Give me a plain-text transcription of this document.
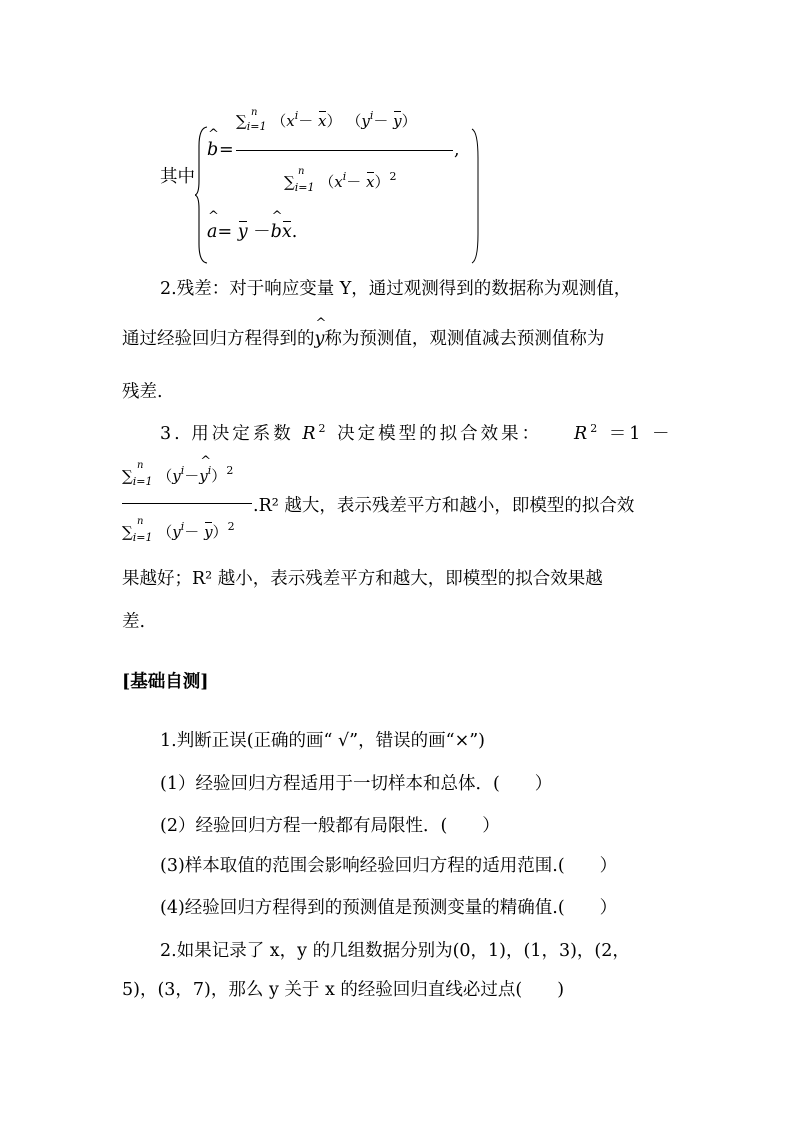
其中
^ b =
$\sum_{i=1}$ $(x^i- x)$ $(y^i- y)$
n
,
$\sum_{i=1}$ $(x^i- x)^2$
n
^ a= y －^ bx.
2.残差：对于响应变量 Y，通过观测得到的数据称为观测值，
通过经验回归方程得到的^ y称为预测值，观测值减去预测值称为
残差.
3. 用决定系数 $R^2$ 决定模型的拟合效果： $R^2 =1$ －
$\sum_{i=1}$ （$y^i-\^{}$ $y^i)^2$
n
.R² 越大，表示残差平方和越小，即模型的拟合效
$\sum_{i=1}$ $(y^i- y)^2$
n
果越好；R² 越小，表示残差平方和越大，即模型的拟合效果越
差.
[基础自测]
1.判断正误(正确的画“ √”，错误的画“×”)
(1）经验回归方程适用于一切样本和总体．(　　）
(2）经验回归方程一般都有局限性．(　　）
(3)样本取值的范围会影响经验回归方程的适用范围.(　　）
(4)经验回归方程得到的预测值是预测变量的精确值.(　　）
2.如果记录了 x，y 的几组数据分别为(0，1)，(1，3)，(2，
5)，(3，7)，那么 y 关于 x 的经验回归直线必过点(　　)
